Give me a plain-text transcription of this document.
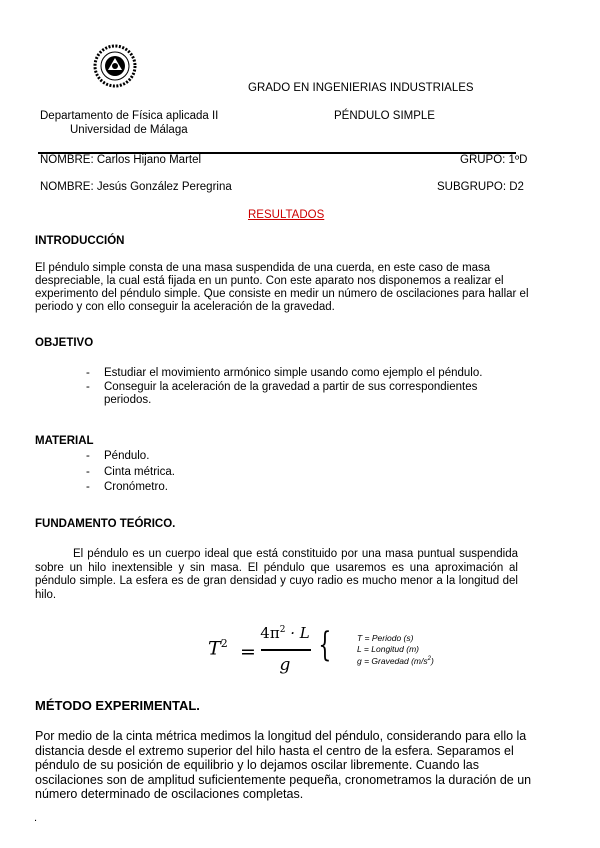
GRADO EN INGENIERIAS INDUSTRIALES
Departamento de Física aplicada II
Universidad de Málaga
PÉNDULO SIMPLE
NOMBRE: Carlos Hijano Martel	GRUPO: 1ºD
NOMBRE: Jesús González Peregrina	SUBGRUPO: D2
RESULTADOS
INTRODUCCIÓN
El péndulo simple consta de una masa suspendida de una cuerda, en este caso de masa despreciable, la cual está fijada en un punto. Con este aparato nos disponemos a realizar el experimento del péndulo simple. Que consiste en medir un número de oscilaciones para hallar el periodo y con ello conseguir la aceleración de la gravedad.
OBJETIVO
- Estudiar el movimiento armónico simple usando como ejemplo el péndulo.
- Conseguir la aceleración de la gravedad a partir de sus correspondientes periodos.
MATERIAL
- Péndulo.
- Cinta métrica.
- Cronómetro.
FUNDAMENTO TEÓRICO.
El péndulo es un cuerpo ideal que está constituido por una masa puntual suspendida sobre un hilo inextensible y sin masa. El péndulo que usaremos es una aproximación al péndulo simple. La esfera es de gran densidad y cuyo radio es mucho menor a la longitud del hilo.
$T^2$ =
$4\pi^2 \cdot L$
g {	T = Periodo (s)
L = Longitud (m)
g = Gravedad $(m/s^2)$
MÉTODO EXPERIMENTAL.
Por medio de la cinta métrica medimos la longitud del péndulo, considerando para ello la distancia desde el extremo superior del hilo hasta el centro de la esfera. Separamos el péndulo de su posición de equilibrio y lo dejamos oscilar libremente. Cuando las oscilaciones son de amplitud suficientemente pequeña, cronometramos la duración de un número determinado de oscilaciones completas.
.
